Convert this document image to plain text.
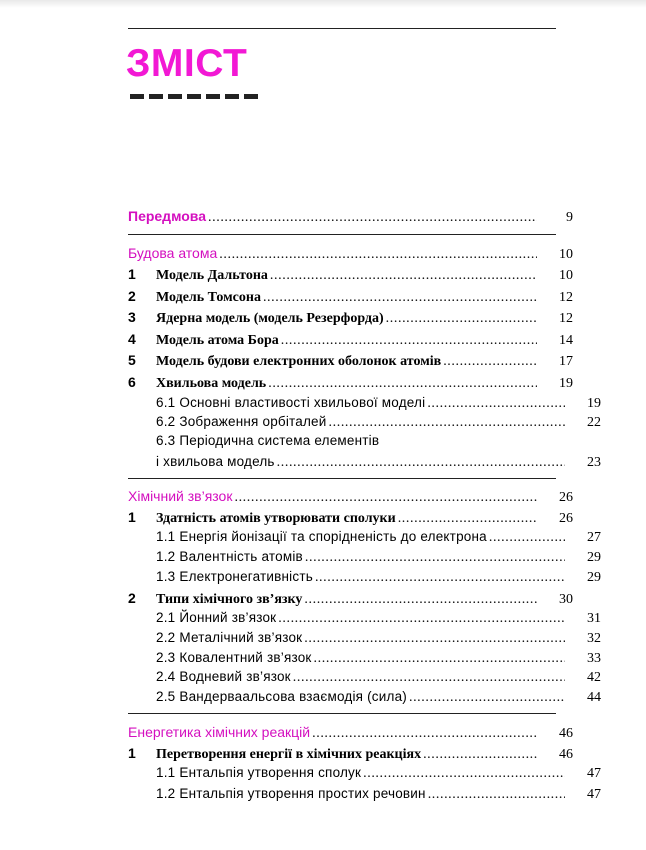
ЗМІСТ
Передмова .....	9
Будова атома .....	10
1	Модель Дальтона .....	10
2	Модель Томсона .....	12
3	Ядерна модель (модель Резерфорда) .....	12
4	Модель атома Бора .....	14
5	Модель будови електронних оболонок атомів .....	17
6	Хвильова модель .....	19
6.1 Основні властивості хвильової моделі .....	19
6.2 Зображення орбіталей .....	22
6.3 Періодична система елементів
і хвильова модель .....	23
Хімічний зв’язок .....	26
1	Здатність атомів утворювати сполуки .....	26
1.1 Енергія йонізації та спорідненість до електрона .....	27
1.2 Валентність атомів .....	29
1.3 Електронегативність .....	29
2	Типи хімічного зв’язку .....	30
2.1 Йонний зв’язок .....	31
2.2 Металічний зв’язок .....	32
2.3 Ковалентний зв’язок .....	33
2.4 Водневий зв’язок .....	42
2.5 Вандерваальсова взаємодія (сила) .....	44
Енергетика хімічних реакцій .....	46
1	Перетворення енергії в хімічних реакціях .....	46
1.1 Ентальпія утворення сполук .....	47
1.2 Ентальпія утворення простих речовин .....	47
